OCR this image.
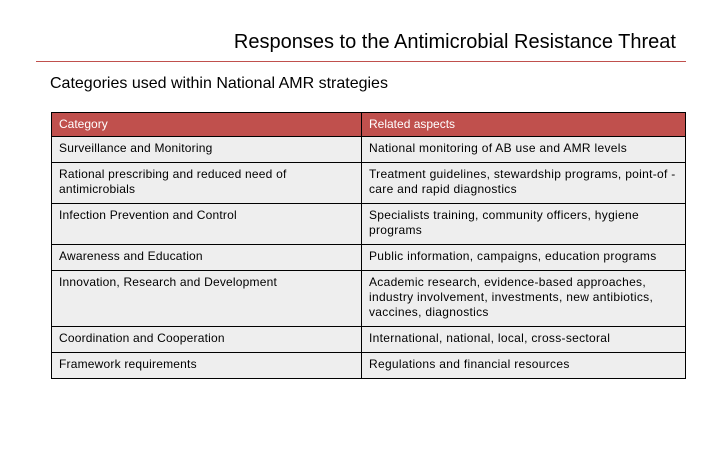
Responses to the Antimicrobial Resistance Threat
Categories used within National AMR strategies
Category	Related aspects
Surveillance and Monitoring	National monitoring of AB use and AMR levels
Rational prescribing and reduced need of antimicrobials	Treatment guidelines, stewardship programs, point-of -care and rapid diagnostics
Infection Prevention and Control	Specialists training, community officers, hygiene programs
Awareness and Education	Public information, campaigns, education programs
Innovation, Research and Development	Academic research, evidence-based approaches, industry involvement, investments, new antibiotics, vaccines, diagnostics
Coordination and Cooperation	International, national, local, cross-sectoral
Framework requirements	Regulations and financial resources
